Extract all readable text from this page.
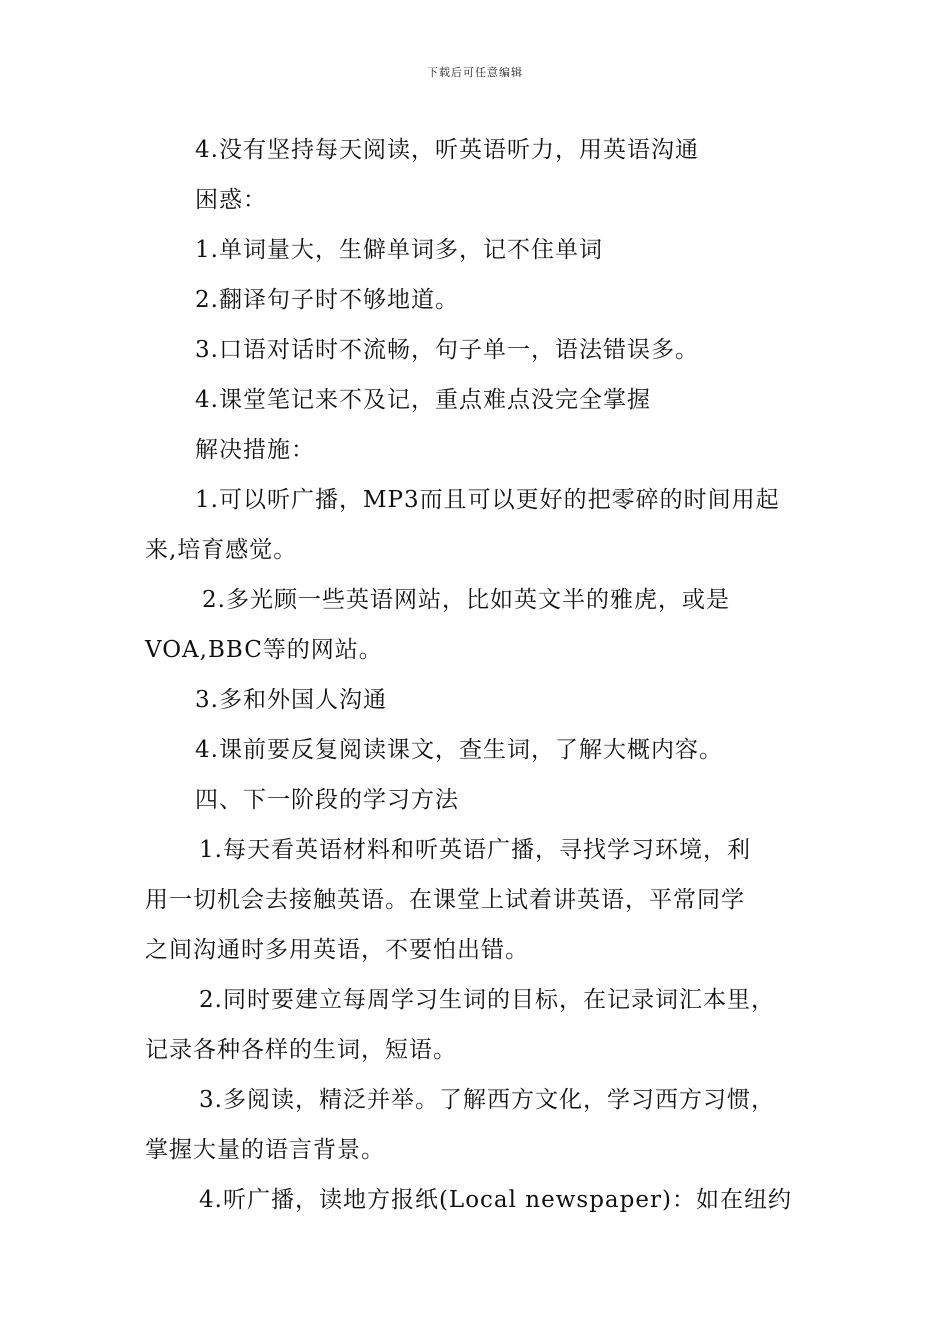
下载后可任意编辑
4.没有坚持每天阅读，听英语听力，用英语沟通
困惑：
1.单词量大，生僻单词多，记不住单词
2.翻译句子时不够地道。
3.口语对话时不流畅，句子单一，语法错误多。
4.课堂笔记来不及记，重点难点没完全掌握
解决措施：
1.可以听广播，MP3而且可以更好的把零碎的时间用起
来,培育感觉。
2.多光顾一些英语网站，比如英文半的雅虎，或是
VOA,BBC等的网站。
3.多和外国人沟通
4.课前要反复阅读课文，查生词，了解大概内容。
四、下一阶段的学习方法
1.每天看英语材料和听英语广播，寻找学习环境，利
用一切机会去接触英语。在课堂上试着讲英语，平常同学
之间沟通时多用英语，不要怕出错。
2.同时要建立每周学习生词的目标，在记录词汇本里，
记录各种各样的生词，短语。
3.多阅读，精泛并举。了解西方文化，学习西方习惯，
掌握大量的语言背景。
4.听广播，读地方报纸(Local newspaper)：如在纽约
